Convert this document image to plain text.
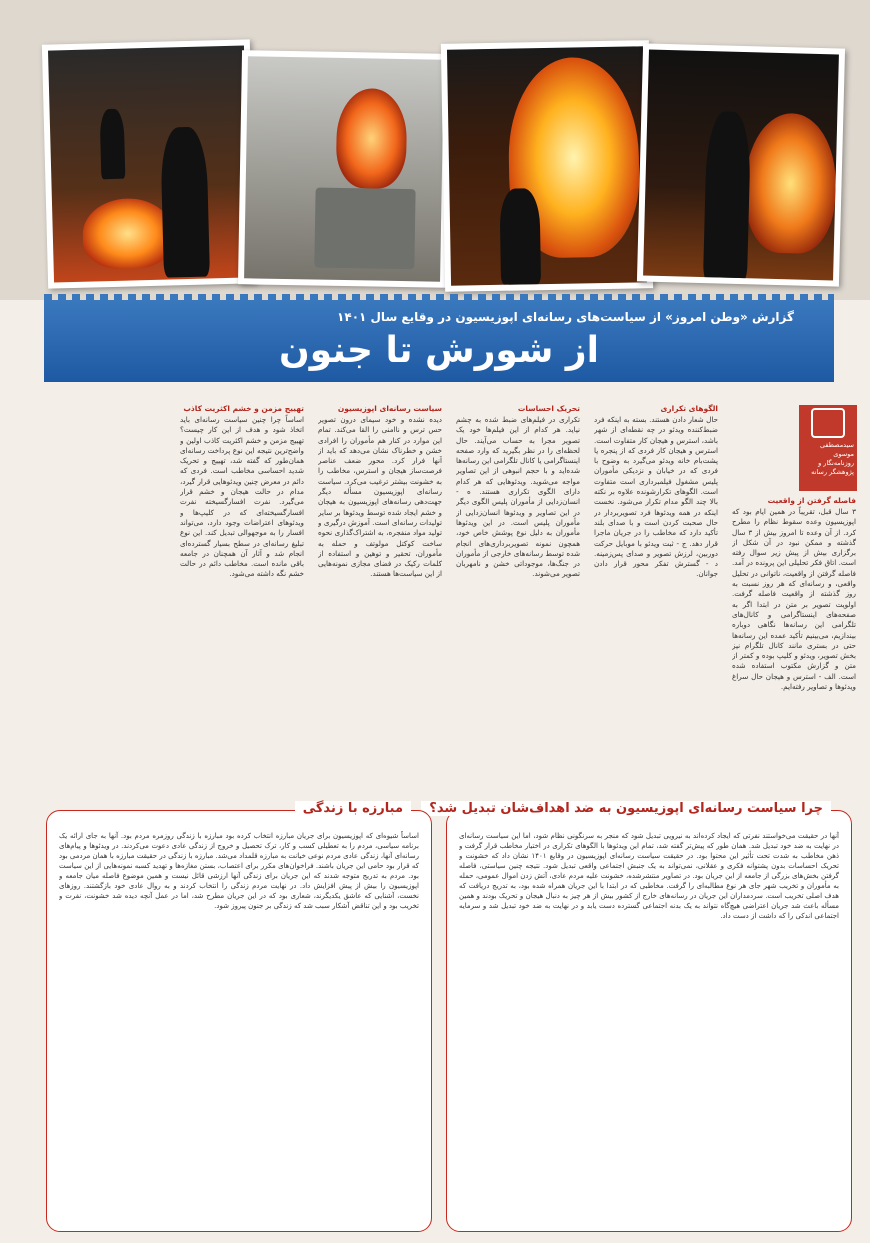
گزارش «وطن امروز» از سیاست‌های رسانه‌ای اپوزیسیون در وقایع سال ۱۴۰۱
از شورش تا جنون
سیدمصطفی موسوی روزنامه‌نگار و پژوهشگر رسانه
فاصله گرفتن از واقعیت

۳ سال قبل، تقریباً در همین ایام بود که اپوزیسیون وعده سقوط نظام را مطرح کرد. از آن وعده تا امروز بیش از ۳ سال گذشته و ممکن نبود در آن شکل از برگزاری بیش از پیش زیر سوال رفته است. اتاق فکر تحلیلی این پرونده در آمد. فاصله گرفتن از واقعیت، ناتوانی در تحلیل واقعی، و رسانه‌ای که هر روز نسبت به روز گذشته از واقعیت فاصله گرفت. اولویت تصویر بر متن در ابتدا اگر به صفحه‌های اینستاگرامی و کانال‌های تلگرامی این رسانه‌ها نگاهی دوباره بیندازیم، می‌بینیم تأکید عمده این رسانه‌ها حتی در بستری مانند کانال تلگرام نیز بخش تصویر، ویدئو و کلیپ بوده و کمتر از متن و گزارش مکتوب استفاده شده است. الف - استرس و هیجان حال سراغ ویدئوها و تصاویر رفته‌ایم.

الگوهای تکراری

حال شعار دادن هستند. بسته به اینکه فرد ضبط‌کننده ویدئو در چه نقطه‌ای از شهر باشد، استرس و هیجان کار متفاوت است. استرس و هیجان کار فردی که از پنجره یا پشت‌بام خانه ویدئو می‌گیرد به وضوح با فردی که در خیابان و نزدیکی مأموران پلیس مشغول فیلمبرداری است متفاوت است. الگوهای تکرارشونده علاوه بر نکته بالا چند الگو مدام تکرار می‌شود. نخست اینکه در همه ویدئوها فرد تصویربردار در حال صحبت کردن است و با صدای بلند تأکید دارد که مخاطب را در جریان ماجرا قرار دهد. ج - ثبت ویدئو با موبایل حرکت دوربین، لرزش تصویر و صدای پس‌زمینه. د - گسترش تفکر محور قرار دادن جوانان.

تحریک احساسات

تکراری در فیلم‌های ضبط شده به چشم نیاید. هر کدام از این فیلم‌ها خود یک تصویر مجرا به حساب می‌آیند. حال لحظه‌ای را در نظر بگیرید که وارد صفحه اینستاگرامی یا کانال تلگرامی این رسانه‌ها شده‌اید و با حجم انبوهی از این تصاویر مواجه می‌شوید. ویدئوهایی که هر کدام دارای الگوی تکراری هستند. ه - انسان‌زدایی از مأموران پلیس الگوی دیگر در این تصاویر و ویدئوها انسان‌زدایی از مأموران پلیس است. در این ویدئوها مأموران به دلیل نوع پوشش خاص خود، همچون نمونه تصویربرداری‌های انجام شده توسط رسانه‌های خارجی از مأموران در جنگ‌ها، موجوداتی خشن و نامهربان تصویر می‌شوند.

سیاست رسانه‌ای اپوزیسیون

دیده نشده و خود سیمای درون تصویر حس ترس و ناامنی را القا می‌کند. تمام این موارد در کنار هم مأموران را افرادی خشن و خطرناک نشان می‌دهد که باید از آنها فرار کرد. محور ضعف عناصر فرصت‌ساز هیجان و استرس، مخاطب را به خشونت بیشتر ترغیب می‌کرد. سیاست رسانه‌ای اپوزیسیون مسأله دیگر جهت‌دهی رسانه‌های اپوزیسیون به هیجان و خشم ایجاد شده توسط ویدئوها بر سایر تولیدات رسانه‌ای است. آموزش درگیری و تولید مواد منفجره، به اشتراک‌گذاری نحوه ساخت کوکتل مولوتف و حمله به مأموران، تحقیر و توهین و استفاده از کلمات رکیک در فضای مجازی نمونه‌هایی از این سیاست‌ها هستند.

تهییج مزمن و خشم اکثریت کاذب

اساساً چرا چنین سیاست رسانه‌ای باید اتخاذ شود و هدف از این کار چیست؟ تهییج مزمن و خشم اکثریت کاذب اولین و واضح‌ترین نتیجه این نوع پرداخت رسانه‌ای همان‌طور که گفته شد، تهییج و تحریک شدید احساسی مخاطب است. فردی که دائم در معرض چنین ویدئوهایی قرار گیرد، مدام در حالت هیجان و خشم قرار می‌گیرد. نفرت افسارگسیخته نفرت افسارگسیخته‌ای که در کلیپ‌ها و ویدئوهای اعتراضات وجود دارد، می‌تواند افسار را به موجهوالی تبدیل کند. این نوع تبلیغ رسانه‌ای در سطح بسیار گسترده‌ای انجام شد و آثار آن همچنان در جامعه باقی مانده است. مخاطب دائم در حالت خشم نگه داشته می‌شود.

چرا سیاست رسانه‌ای اپوزیسیون به ضد اهداف‌شان تبدیل شد؟
آنها در حقیقت می‌خواستند نفرتی که ایجاد کرده‌اند به نیرویی تبدیل شود که منجر به سرنگونی نظام شود، اما این سیاست رسانه‌ای در نهایت به ضد خود تبدیل شد. همان طور که پیش‌تر گفته شد، تمام این ویدئوها با الگوهای تکراری در اختیار مخاطب قرار گرفت و ذهن مخاطب به شدت تحت تأثیر این محتوا بود. در حقیقت سیاست رسانه‌ای اپوزیسیون در وقایع ۱۴۰۱ نشان داد که خشونت و تحریک احساسات بدون پشتوانه فکری و عقلانی، نمی‌تواند به یک جنبش اجتماعی واقعی تبدیل شود. نتیجه چنین سیاستی، فاصله گرفتن بخش‌های بزرگی از جامعه از این جریان بود. در تصاویر منتشرشده، خشونت علیه مردم عادی، آتش زدن اموال عمومی، حمله به مأموران و تخریب شهر جای هر نوع مطالبه‌ای را گرفت. مخاطبی که در ابتدا با این جریان همراه شده بود، به تدریج دریافت که هدف اصلی تخریب است. سردمداران این جریان در رسانه‌های خارج از کشور بیش از هر چیز به دنبال هیجان و تحریک بودند و همین مسأله باعث شد جریان اعتراضی هیچ‌گاه نتواند به یک بدنه اجتماعی گسترده دست یابد و در نهایت به ضد خود تبدیل شد و سرمایه اجتماعی اندکی را که داشت از دست داد.
مبارزه با زندگی
اساساً شیوه‌ای که اپوزیسیون برای جریان مبارزه انتخاب کرده بود مبارزه با زندگی روزمره مردم بود. آنها به جای ارائه یک برنامه سیاسی، مردم را به تعطیلی کسب و کار، ترک تحصیل و خروج از زندگی عادی دعوت می‌کردند. در ویدئوها و پیام‌های رسانه‌ای آنها، زندگی عادی مردم نوعی خیانت به مبارزه قلمداد می‌شد. مبارزه با زندگی در حقیقت مبارزه با همان مردمی بود که قرار بود حامی این جریان باشند. فراخوان‌های مکرر برای اعتصاب، بستن مغازه‌ها و تهدید کسبه نمونه‌هایی از این سیاست بود. مردم به تدریج متوجه شدند که این جریان برای زندگی آنها ارزشی قائل نیست و همین موضوع فاصله میان جامعه و اپوزیسیون را بیش از پیش افزایش داد. در نهایت مردم زندگی را انتخاب کردند و به روال عادی خود بازگشتند. روزهای نخست، آشنایی که عاشق یکدیگرند، شعاری بود که در این جریان مطرح شد، اما در عمل آنچه دیده شد خشونت، نفرت و تخریب بود و این تناقض آشکار سبب شد که زندگی بر جنون پیروز شود.
